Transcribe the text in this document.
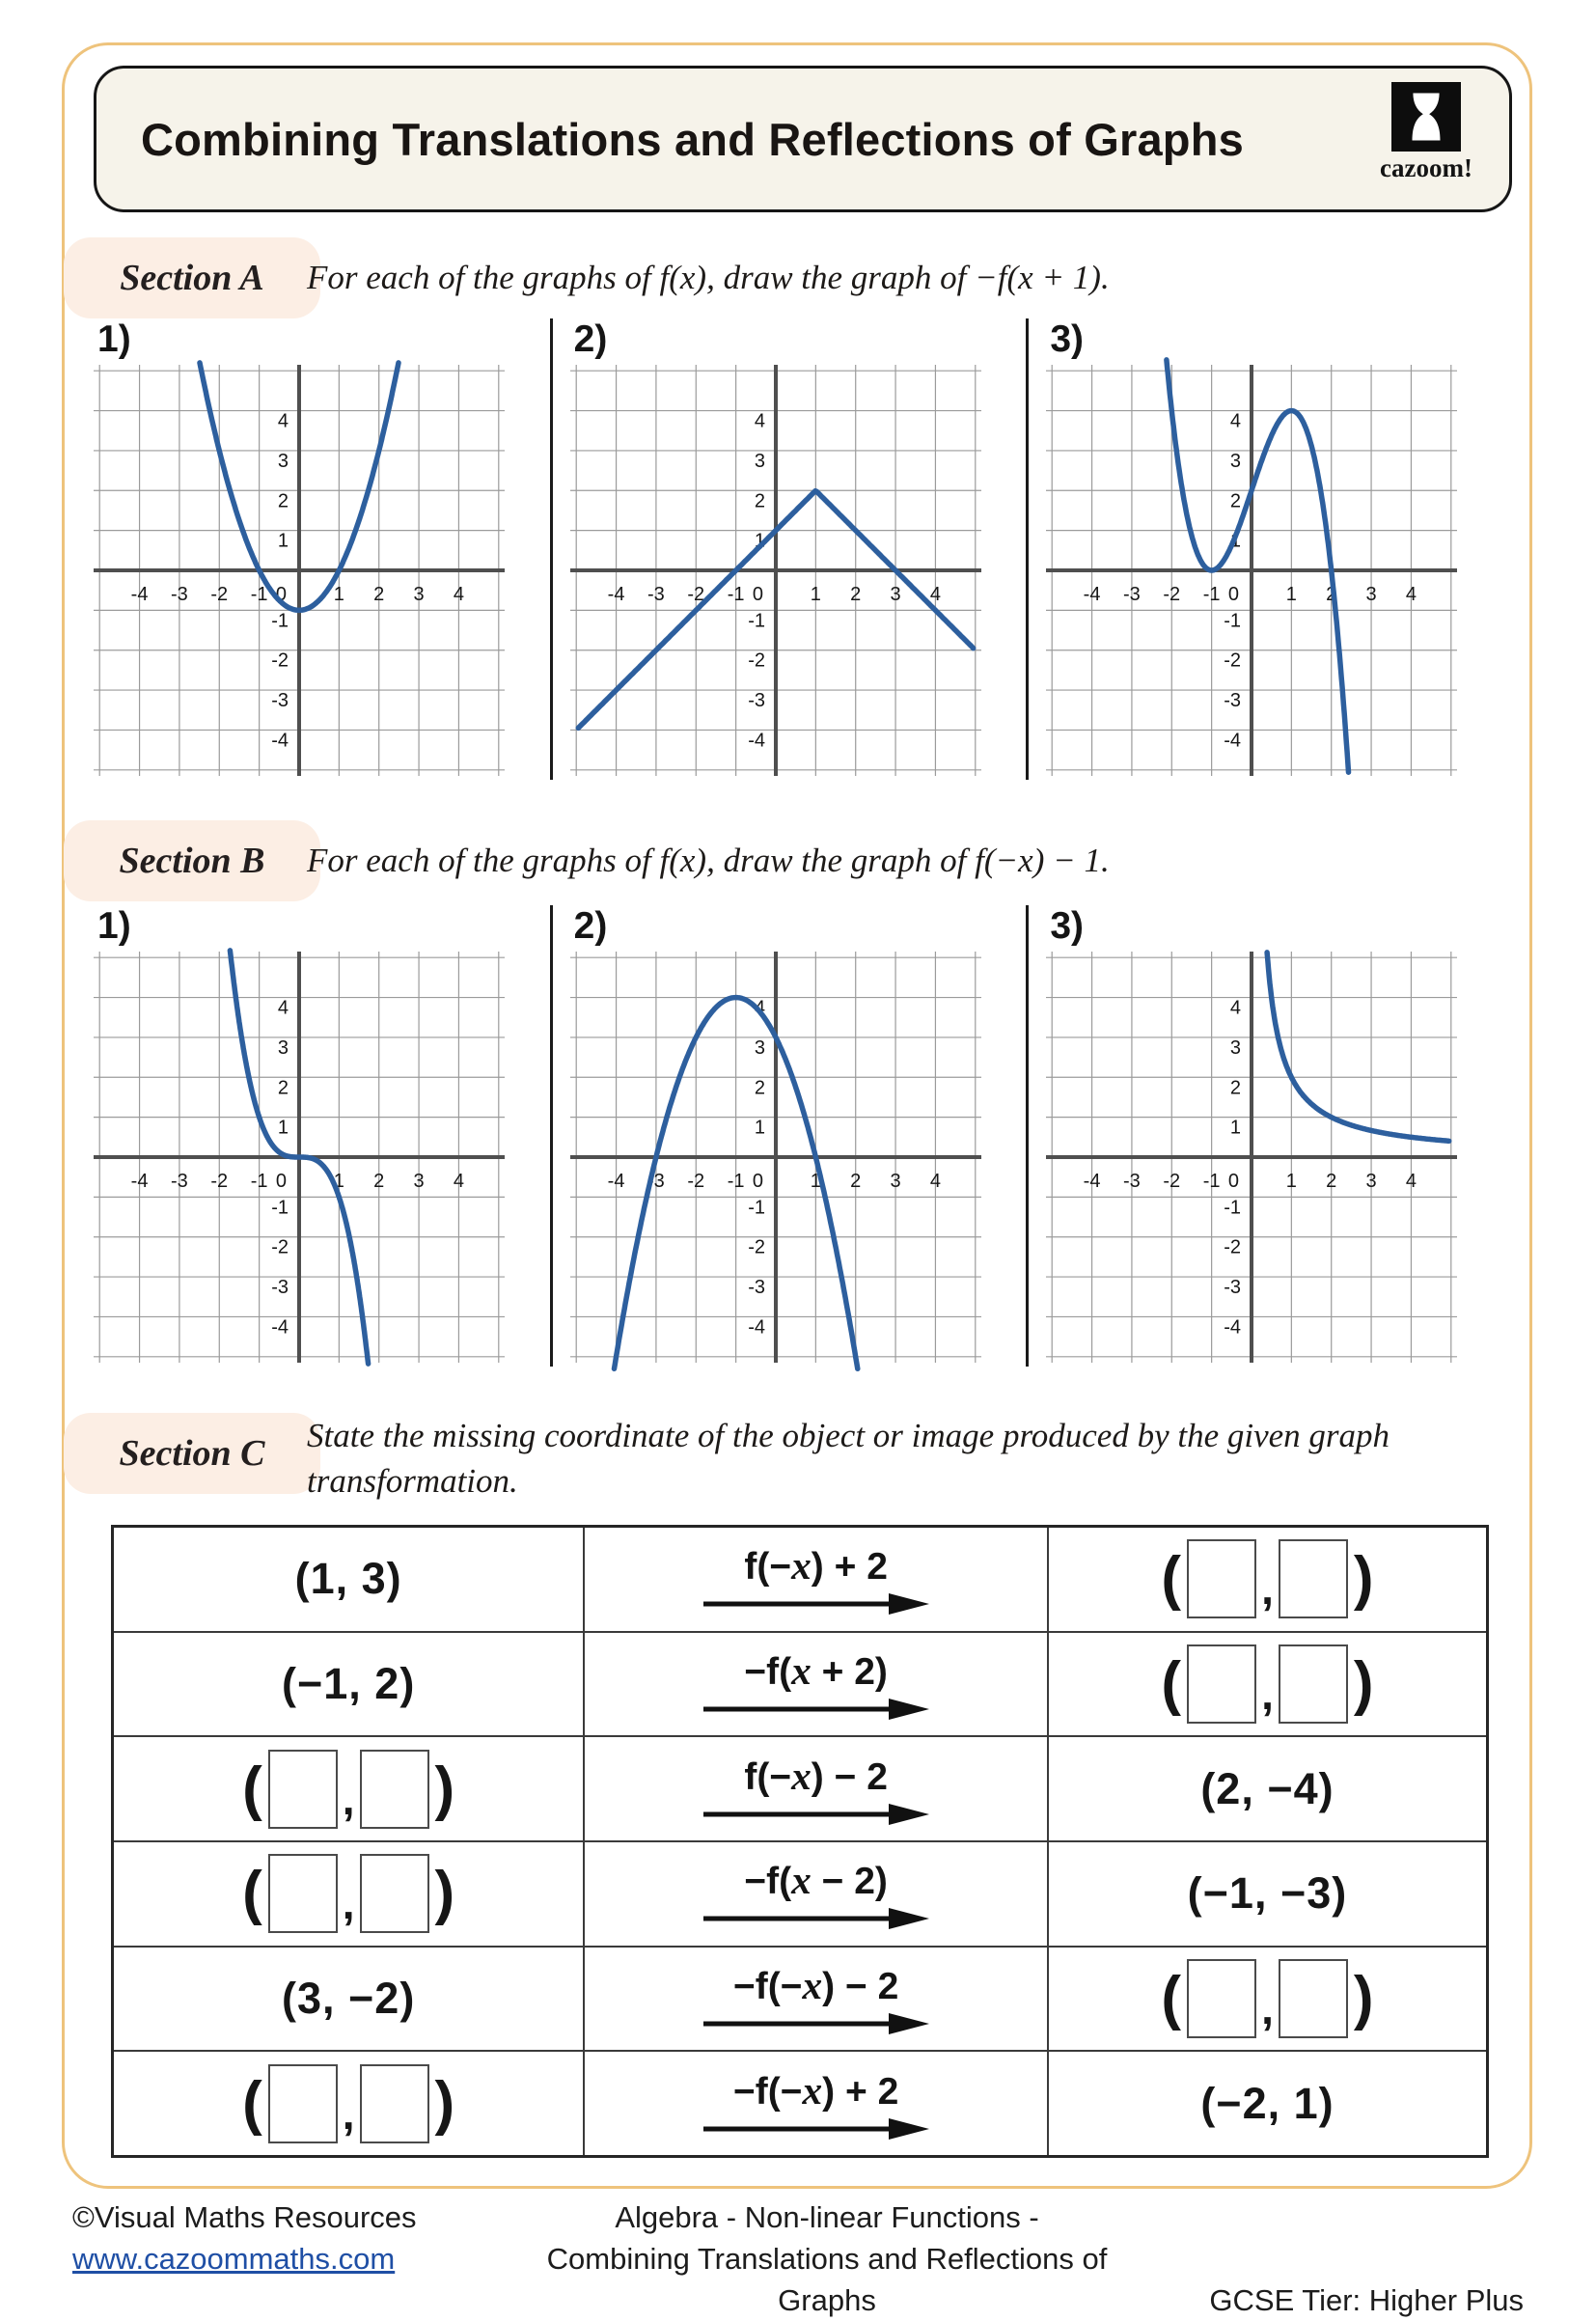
Combining Translations and Reflections of Graphs
cazoom!
Section A	For each of the graphs of f(x), draw the graph of −f(x + 1).
1)
-4 -3 -2 -1	1 2 3 4
0
4
3
2
1
-1
-2
-3
-4
2)
-4 -3 -2 -1	1 2 3 4
0
4
3
2
1
-1
-2
-3
-4
3)
-4 -3 -2 -1	1 2 3 4
0
4
3
2
1
-1
-2
-3
-4
Section B	For each of the graphs of f(x), draw the graph of f(−x) − 1.
1)
-4 -3 -2 -1	1 2 3 4
0
4
3
2
1
-1
-2
-3
-4
2)
-4 -3 -2 -1	1 2 3 4
0
4
3
2
1
-1
-2
-3
-4
3)
-4 -3 -2 -1	1 2 3 4
0
4
3
2
1
-1
-2
-3
-4
Section C	State the missing coordinate of the object or image produced by the given graph
transformation.
(1, 3)	f(−x) + 2	( , )
(−1, 2)	−f(x + 2)	( , )
( , )	f(−x) − 2	(2, −4)
( , )	−f(x − 2)	(−1, −3)
(3, −2)	−f(−x) − 2	( , )
( , )	−f(−x) + 2	(−2, 1)
©Visual Maths Resources
www.cazoommaths.com
Algebra - Non-linear Functions -
Combining Translations and Reflections of Graphs	GCSE Tier: Higher Plus
